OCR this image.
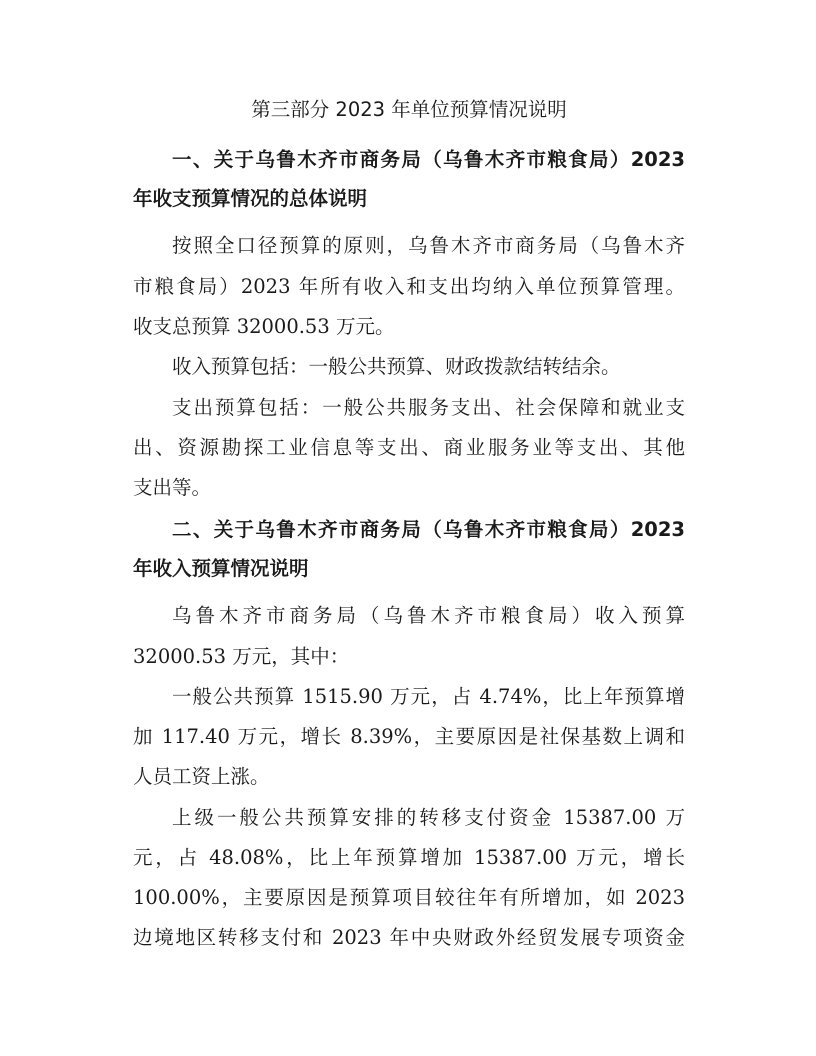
第三部分 2023 年单位预算情况说明
一、关于乌鲁木齐市商务局（乌鲁木齐市粮食局）2023
年收支预算情况的总体说明
按照全口径预算的原则，乌鲁木齐市商务局（乌鲁木齐
市粮食局）2023 年所有收入和支出均纳入单位预算管理。
收支总预算 32000.53 万元。
收入预算包括：一般公共预算、财政拨款结转结余。
支出预算包括：一般公共服务支出、社会保障和就业支
出、资源勘探工业信息等支出、商业服务业等支出、其他
支出等。
二、关于乌鲁木齐市商务局（乌鲁木齐市粮食局）2023
年收入预算情况说明
乌鲁木齐市商务局（乌鲁木齐市粮食局）收入预算
32000.53 万元，其中：
一般公共预算 1515.90 万元，占 4.74%，比上年预算增
加 117.40 万元，增长 8.39%，主要原因是社保基数上调和
人员工资上涨。
上级一般公共预算安排的转移支付资金 15387.00 万
元，占 48.08%，比上年预算增加 15387.00 万元，增长
100.00%，主要原因是预算项目较往年有所增加，如 2023
边境地区转移支付和 2023 年中央财政外经贸发展专项资金
